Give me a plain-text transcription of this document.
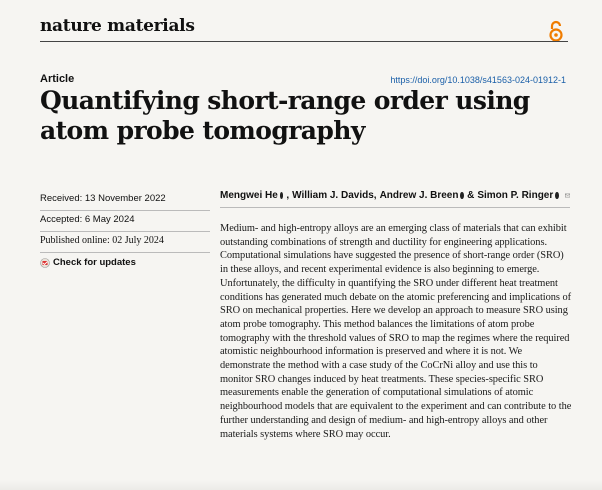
nature materials
Article	https://doi.org/10.1038/s41563-024-01912-1
Quantifying short-range order using atom probe tomography
Received: 13 November 2022
Accepted: 6 May 2024
Published online: 02 July 2024
Check for updates
Mengwei He , William J. Davids , Andrew J. Breen & Simon P. Ringer

Medium- and high-entropy alloys are an emerging class of materials that can exhibit outstanding combinations of strength and ductility for engineering applications. Computational simulations have suggested the presence of short-range order (SRO) in these alloys, and recent experimental evidence is also beginning to emerge. Unfortunately, the difficulty in quantifying the SRO under different heat treatment conditions has generated much debate on the atomic preferencing and implications of SRO on mechanical properties. Here we develop an approach to measure SRO using atom probe tomography. This method balances the limitations of atom probe tomography with the threshold values of SRO to map the regimes where the required atomistic neighbourhood information is preserved and where it is not. We demonstrate the method with a case study of the CoCrNi alloy and use this to monitor SRO changes induced by heat treatments. These species-specific SRO measurements enable the generation of computational simulations of atomic neighbourhood models that are equivalent to the experiment and can contribute to the further understanding and design of medium- and high-entropy alloys and other materials systems where SRO may occur.
